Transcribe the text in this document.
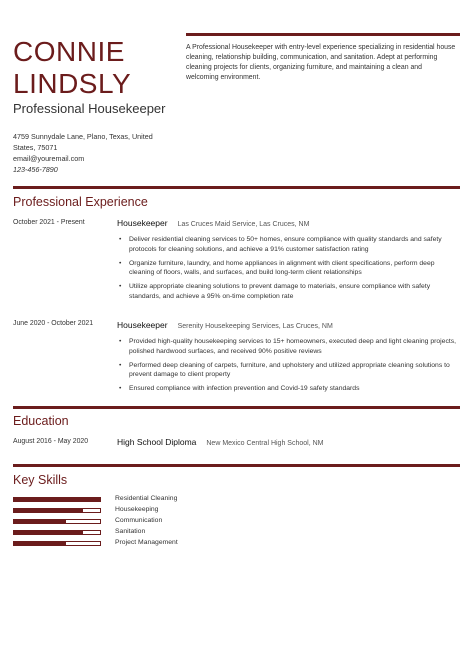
CONNIE
LINDSLY
Professional Housekeeper
4759 Sunnydale Lane, Plano, Texas, United
States, 75071
email@youremail.com
123-456-7890
A Professional Housekeeper with entry-level experience specializing in residential house cleaning, relationship building, communication, and sanitation. Adept at performing cleaning projects for clients, organizing furniture, and maintaining a clean and welcoming environment.
Professional Experience
October 2021 - Present	Housekeeper Las Cruces Maid Service, Las Cruces, NM
• Deliver residential cleaning services to 50+ homes, ensure compliance with quality standards and safety protocols for cleaning solutions, and achieve a 91% customer satisfaction rating
• Organize furniture, laundry, and home appliances in alignment with client specifications, perform deep cleaning of floors, walls, and surfaces, and build long-term client relationships
• Utilize appropriate cleaning solutions to prevent damage to materials, ensure compliance with safety standards, and achieve a 95% on-time completion rate
June 2020 - October 2021	Housekeeper Serenity Housekeeping Services, Las Cruces, NM
• Provided high-quality housekeeping services to 15+ homeowners, executed deep and light cleaning projects, polished hardwood surfaces, and received 90% positive reviews
• Performed deep cleaning of carpets, furniture, and upholstery and utilized appropriate cleaning solutions to prevent damage to client property
• Ensured compliance with infection prevention and Covid-19 safety standards
Education
August 2016 - May 2020	High School Diploma New Mexico Central High School, NM
Key Skills
Residential Cleaning
Housekeeping
Communication
Sanitation
Project Management
